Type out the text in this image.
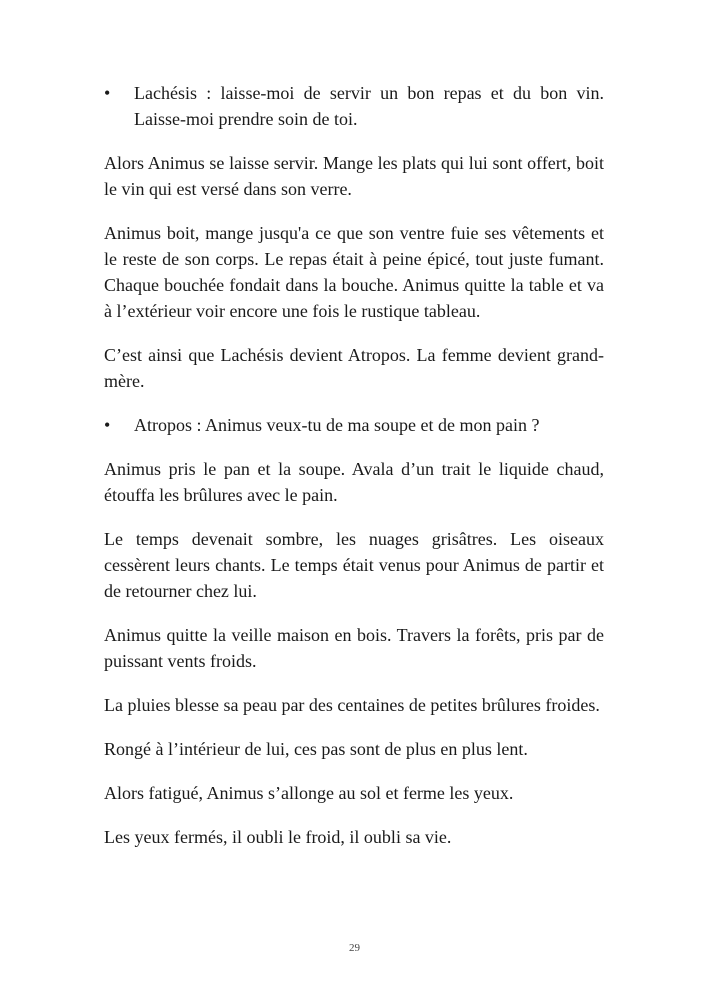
• Lachésis : laisse-moi de servir un bon repas et du bon vin. Laisse-moi prendre soin de toi.

Alors Animus se laisse servir. Mange les plats qui lui sont offert, boit le vin qui est versé dans son verre.

Animus boit, mange jusqu'a ce que son ventre fuie ses vêtements et le reste de son corps. Le repas était à peine épicé, tout juste fumant. Chaque bouchée fondait dans la bouche. Animus quitte la table et va à l’extérieur voir encore une fois le rustique tableau.

C’est ainsi que Lachésis devient Atropos. La femme devient grand-mère.

• Atropos : Animus veux-tu de ma soupe et de mon pain ?

Animus pris le pan et la soupe. Avala d’un trait le liquide chaud, étouffa les brûlures avec le pain.

Le temps devenait sombre, les nuages grisâtres. Les oiseaux cessèrent leurs chants. Le temps était venus pour Animus de partir et de retourner chez lui.

Animus quitte la veille maison en bois. Travers la forêts, pris par de puissant vents froids.

La pluies blesse sa peau par des centaines de petites brûlures froides.

Rongé à l’intérieur de lui, ces pas sont de plus en plus lent.

Alors fatigué, Animus s’allonge au sol et ferme les yeux.

Les yeux fermés, il oubli le froid, il oubli sa vie.

29
